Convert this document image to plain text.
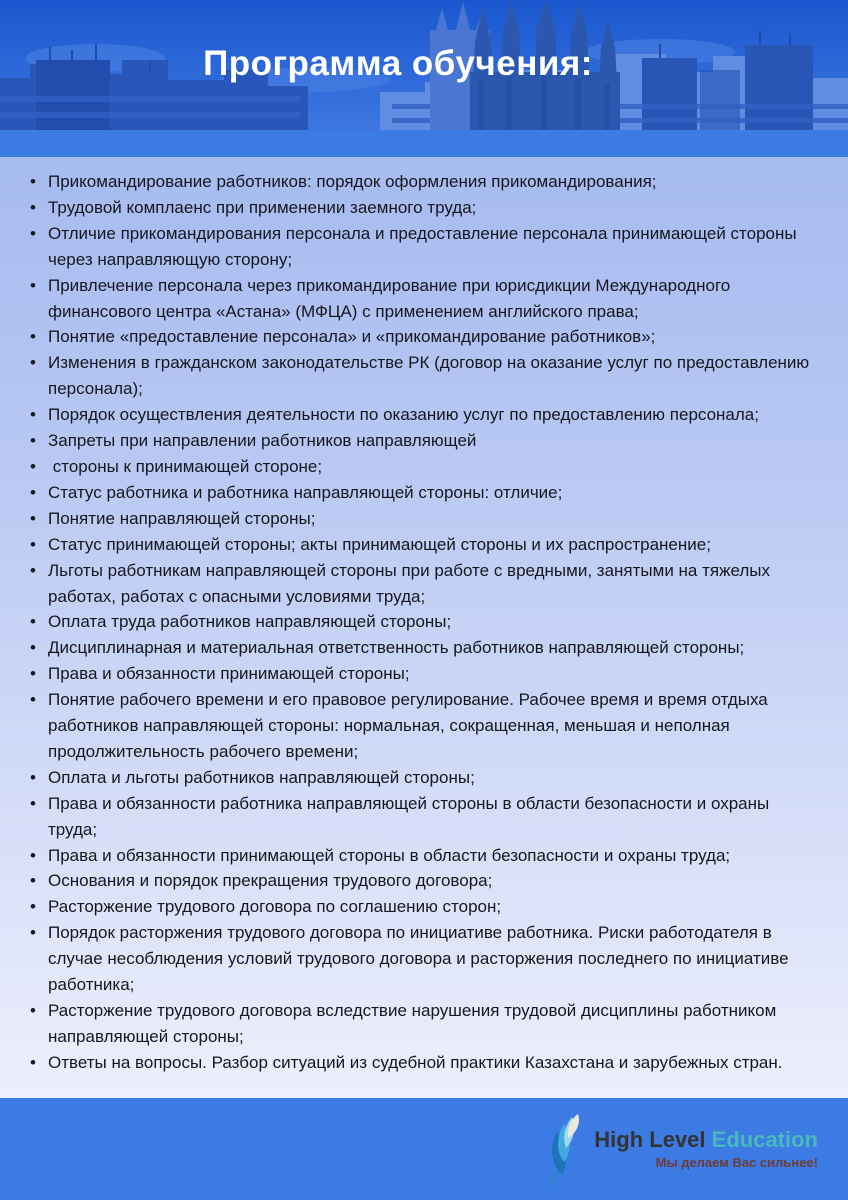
Программа обучения:
• Прикомандирование работников: порядок оформления прикомандирования;
• Трудовой комплаенс при применении заемного труда;
• Отличие прикомандирования персонала и предоставление персонала принимающей стороны через направляющую сторону;
• Привлечение персонала через прикомандирование при юрисдикции Международного финансового центра «Астана» (МФЦА) с применением английского права;
• Понятие «предоставление персонала» и «прикомандирование работников»;
• Изменения в гражданском законодательстве РК (договор на оказание услуг по предоставлению персонала);
• Порядок осуществления деятельности по оказанию услуг по предоставлению персонала;
• Запреты при направлении работников направляющей
•  стороны к принимающей стороне;
• Статус работника и работника направляющей стороны: отличие;
• Понятие направляющей стороны;
• Статус принимающей стороны; акты принимающей стороны и их распространение;
• Льготы работникам направляющей стороны при работе с вредными, занятыми на тяжелых работах, работах с опасными условиями труда;
• Оплата труда работников направляющей стороны;
• Дисциплинарная и материальная ответственность работников направляющей стороны;
• Права и обязанности принимающей стороны;
• Понятие рабочего времени и его правовое регулирование. Рабочее время и время отдыха работников направляющей стороны: нормальная, сокращенная, меньшая и неполная продолжительность рабочего времени;
• Оплата и льготы работников направляющей стороны;
• Права и обязанности работника направляющей стороны в области безопасности и охраны труда;
• Права и обязанности принимающей стороны в области безопасности и охраны труда;
• Основания и порядок прекращения трудового договора;
• Расторжение трудового договора по соглашению сторон;
• Порядок расторжения трудового договора по инициативе работника. Риски работодателя в случае несоблюдения условий трудового договора и расторжения последнего по инициативе работника;
• Расторжение трудового договора вследствие нарушения трудовой дисциплины работником направляющей стороны;
• Ответы на вопросы. Разбор ситуаций из судебной практики Казахстана и зарубежных стран.
High Level Education
Мы делаем Вас сильнее!
